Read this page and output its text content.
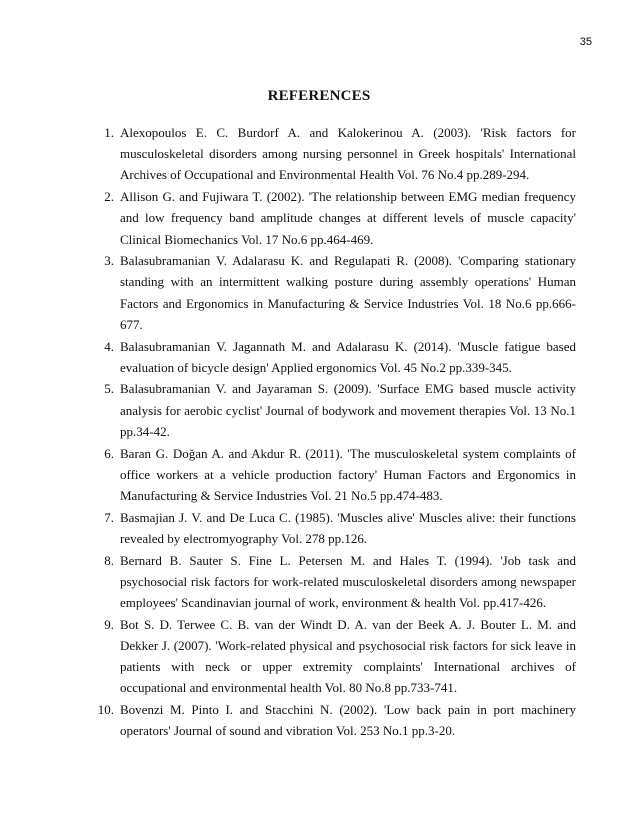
35
REFERENCES
1. Alexopoulos E. C. Burdorf A. and Kalokerinou A. (2003). 'Risk factors for musculoskeletal disorders among nursing personnel in Greek hospitals' International Archives of Occupational and Environmental Health Vol. 76 No.4 pp.289-294.
2. Allison G. and Fujiwara T. (2002). 'The relationship between EMG median frequency and low frequency band amplitude changes at different levels of muscle capacity' Clinical Biomechanics Vol. 17 No.6 pp.464-469.
3. Balasubramanian V. Adalarasu K. and Regulapati R. (2008). 'Comparing stationary standing with an intermittent walking posture during assembly operations' Human Factors and Ergonomics in Manufacturing & Service Industries Vol. 18 No.6 pp.666-677.
4. Balasubramanian V. Jagannath M. and Adalarasu K. (2014). 'Muscle fatigue based evaluation of bicycle design' Applied ergonomics Vol. 45 No.2 pp.339-345.
5. Balasubramanian V. and Jayaraman S. (2009). 'Surface EMG based muscle activity analysis for aerobic cyclist' Journal of bodywork and movement therapies Vol. 13 No.1 pp.34-42.
6. Baran G. Doğan A. and Akdur R. (2011). 'The musculoskeletal system complaints of office workers at a vehicle production factory' Human Factors and Ergonomics in Manufacturing & Service Industries Vol. 21 No.5 pp.474-483.
7. Basmajian J. V. and De Luca C. (1985). 'Muscles alive' Muscles alive: their functions revealed by electromyography Vol. 278 pp.126.
8. Bernard B. Sauter S. Fine L. Petersen M. and Hales T. (1994). 'Job task and psychosocial risk factors for work-related musculoskeletal disorders among newspaper employees' Scandinavian journal of work, environment & health Vol. pp.417-426.
9. Bot S. D. Terwee C. B. van der Windt D. A. van der Beek A. J. Bouter L. M. and Dekker J. (2007). 'Work-related physical and psychosocial risk factors for sick leave in patients with neck or upper extremity complaints' International archives of occupational and environmental health Vol. 80 No.8 pp.733-741.
10. Bovenzi M. Pinto I. and Stacchini N. (2002). 'Low back pain in port machinery operators' Journal of sound and vibration Vol. 253 No.1 pp.3-20.
